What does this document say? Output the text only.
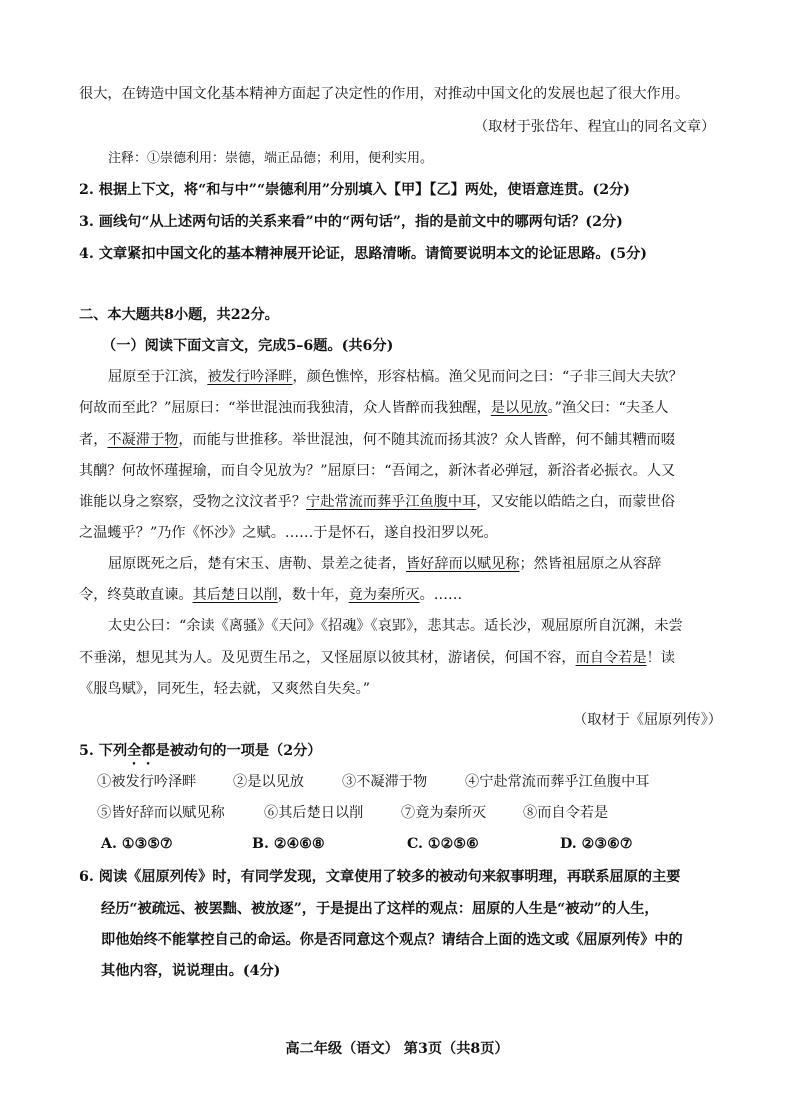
很大，在铸造中国文化基本精神方面起了决定性的作用，对推动中国文化的发展也起了很大作用。
（取材于张岱年、程宜山的同名文章）
注释：①崇德利用：崇德，端正品德；利用，便利实用。
2. 根据上下文，将“和与中”“崇德利用”分别填入【甲】【乙】两处，使语意连贯。(2分)
3. 画线句“从上述两句话的关系来看”中的“两句话”，指的是前文中的哪两句话？(2分)
4. 文章紧扣中国文化的基本精神展开论证，思路清晰。请简要说明本文的论证思路。(5分)
二、本大题共8小题，共22分。
（一）阅读下面文言文，完成5–6题。(共6分)
屈原至于江滨，被发行吟泽畔，颜色憔悴，形容枯槁。渔父见而问之曰：“子非三闾大夫欤？
何故而至此？”屈原曰：“举世混浊而我独清，众人皆醉而我独醒，是以见放。”渔父曰：“夫圣人
者，不凝滞于物，而能与世推移。举世混浊，何不随其流而扬其波？众人皆醉，何不餔其糟而啜
其醨？何故怀瑾握瑜，而自令见放为？”屈原曰：“吾闻之，新沐者必弹冠，新浴者必振衣。人又
谁能以身之察察，受物之汶汶者乎？宁赴常流而葬乎江鱼腹中耳，又安能以皓皓之白，而蒙世俗
之温蠖乎？”乃作《怀沙》之赋。……于是怀石，遂自投汨罗以死。
屈原既死之后，楚有宋玉、唐勒、景差之徒者，皆好辞而以赋见称；然皆祖屈原之从容辞
令，终莫敢直谏。其后楚日以削，数十年，竟为秦所灭。……
太史公曰：“余读《离骚》《天问》《招魂》《哀郢》，悲其志。适长沙，观屈原所自沉渊，未尝
不垂涕，想见其为人。及见贾生吊之，又怪屈原以彼其材，游诸侯，何国不容，而自令若是！读
《服鸟赋》，同死生，轻去就，又爽然自失矣。”
（取材于《屈原列传》）
5. 下列全都是被动句的一项是（2分）
①被发行吟泽畔	②是以见放	③不凝滞于物	④宁赴常流而葬乎江鱼腹中耳
⑤皆好辞而以赋见称	⑥其后楚日以削	⑦竟为秦所灭	⑧而自令若是
A. ①③⑤⑦	B. ②④⑥⑧	C. ①②⑤⑥	D. ②③⑥⑦
6. 阅读《屈原列传》时，有同学发现，文章使用了较多的被动句来叙事明理，再联系屈原的主要
经历“被疏远、被罢黜、被放逐”，于是提出了这样的观点：屈原的人生是“被动”的人生，
即他始终不能掌控自己的命运。你是否同意这个观点？请结合上面的选文或《屈原列传》中的
其他内容，说说理由。(4分)
高二年级（语文） 第3页（共8页）
